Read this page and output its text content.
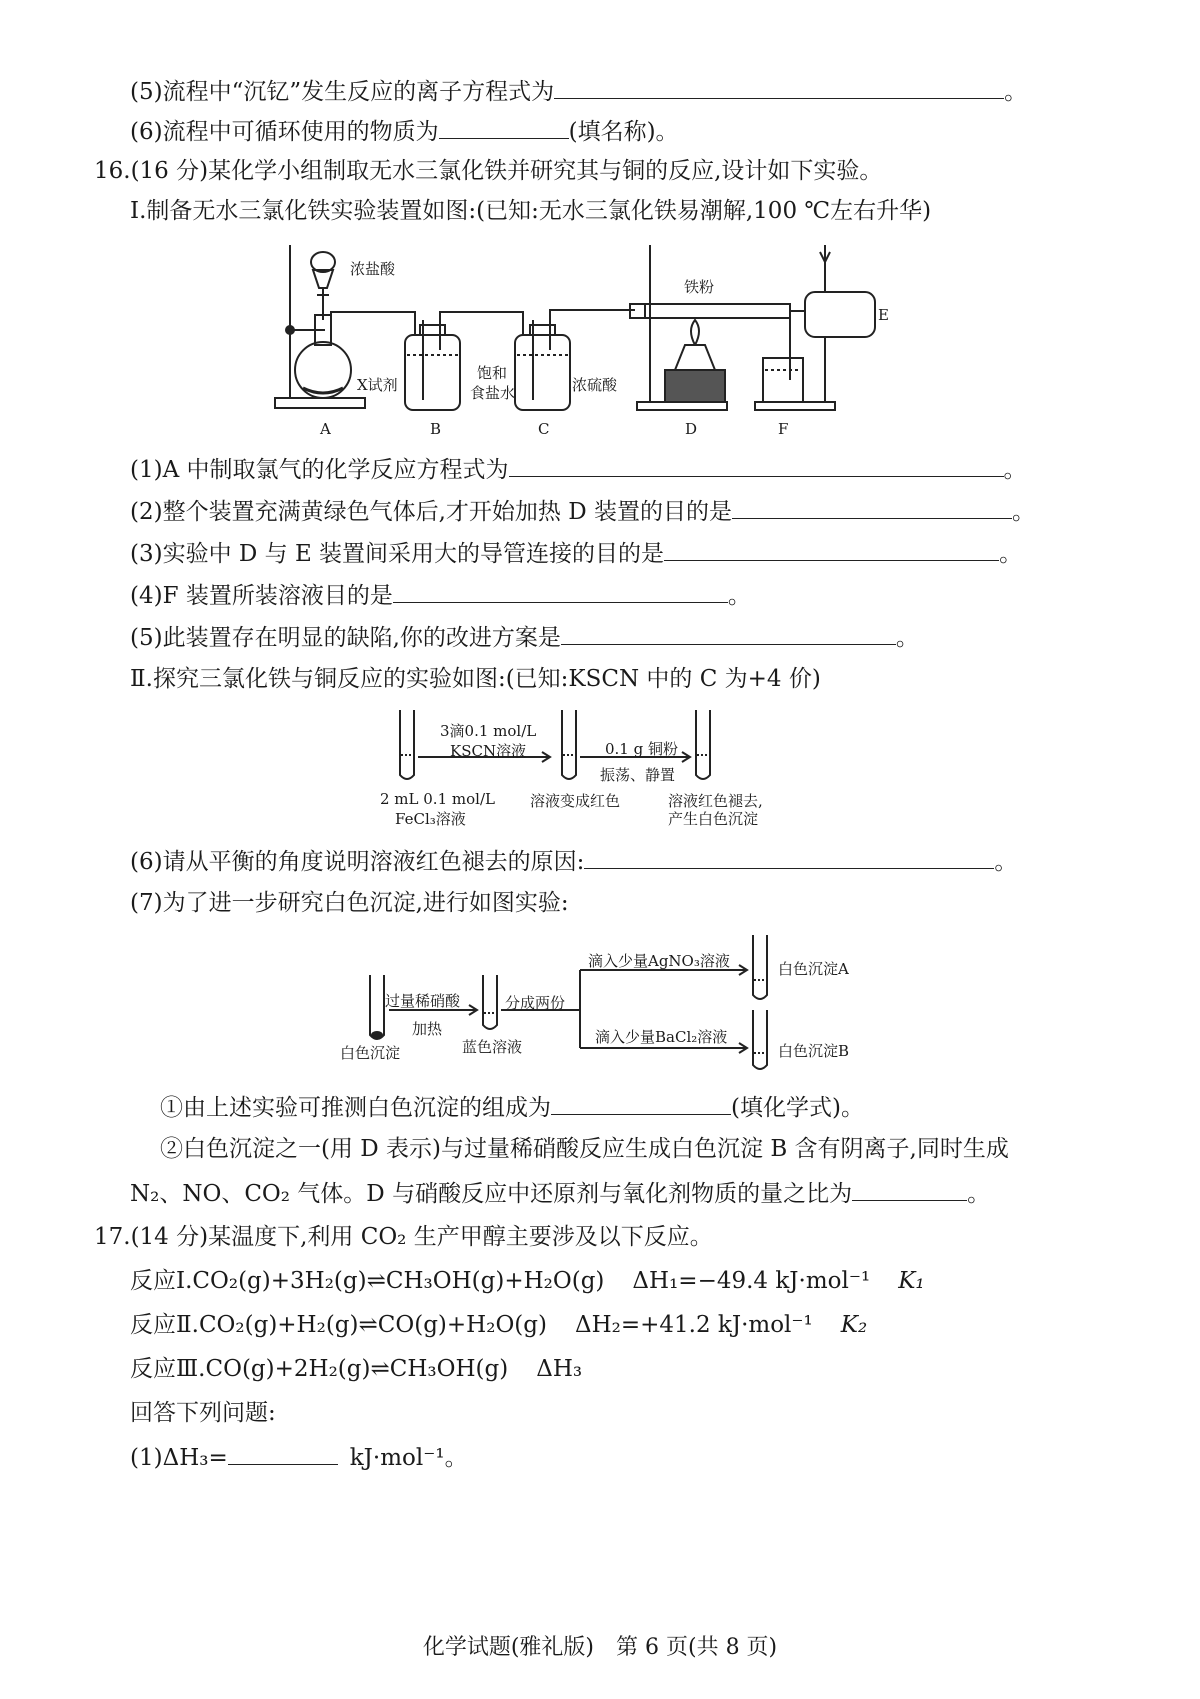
(5)流程中“沉钇”发生反应的离子方程式为	。
(6)流程中可循环使用的物质为	(填名称)。
16.(16 分)某化学小组制取无水三氯化铁并研究其与铜的反应,设计如下实验。
Ⅰ.制备无水三氯化铁实验装置如图:(已知:无水三氯化铁易潮解,100 ℃左右升华)
浓盐酸
X试剂
饱和
食盐水	浓硫酸
铁粉
A	B	C	D
E
F
(1)A 中制取氯气的化学反应方程式为	。
(2)整个装置充满黄绿色气体后,才开始加热 D 装置的目的是	。
(3)实验中 D 与 E 装置间采用大的导管连接的目的是	。
(4)F 装置所装溶液目的是	。
(5)此装置存在明显的缺陷,你的改进方案是	。
Ⅱ.探究三氯化铁与铜反应的实验如图:(已知:KSCN 中的 C 为+4 价)
3滴0.1 mol/L
KSCN溶液	0.1 g 铜粉
振荡、静置
2 mL 0.1 mol/L
FeCl₃溶液
溶液变成红色	溶液红色褪去,
产生白色沉淀
(6)请从平衡的角度说明溶液红色褪去的原因:	。
(7)为了进一步研究白色沉淀,进行如图实验:
过量稀硝酸
加热
分成两份
滴入少量AgNO₃溶液
滴入少量BaCl₂溶液
白色沉淀	蓝色溶液
白色沉淀A
白色沉淀B
①由上述实验可推测白色沉淀的组成为	(填化学式)。
②白色沉淀之一(用 D 表示)与过量稀硝酸反应生成白色沉淀 B 含有阴离子,同时生成
N₂、NO、CO₂ 气体。D 与硝酸反应中还原剂与氧化剂物质的量之比为	。
17.(14 分)某温度下,利用 CO₂ 生产甲醇主要涉及以下反应。
反应Ⅰ.CO₂(g)+3H₂(g)⇌CH₃OH(g)+H₂O(g) ΔH₁=−49.4 kJ·mol⁻¹ K₁
反应Ⅱ.CO₂(g)+H₂(g)⇌CO(g)+H₂O(g) ΔH₂=+41.2 kJ·mol⁻¹ K₂
反应Ⅲ.CO(g)+2H₂(g)⇌CH₃OH(g) ΔH₃
回答下列问题:
(1)ΔH₃=	kJ·mol⁻¹。
化学试题(雅礼版)　第 6 页(共 8 页)
